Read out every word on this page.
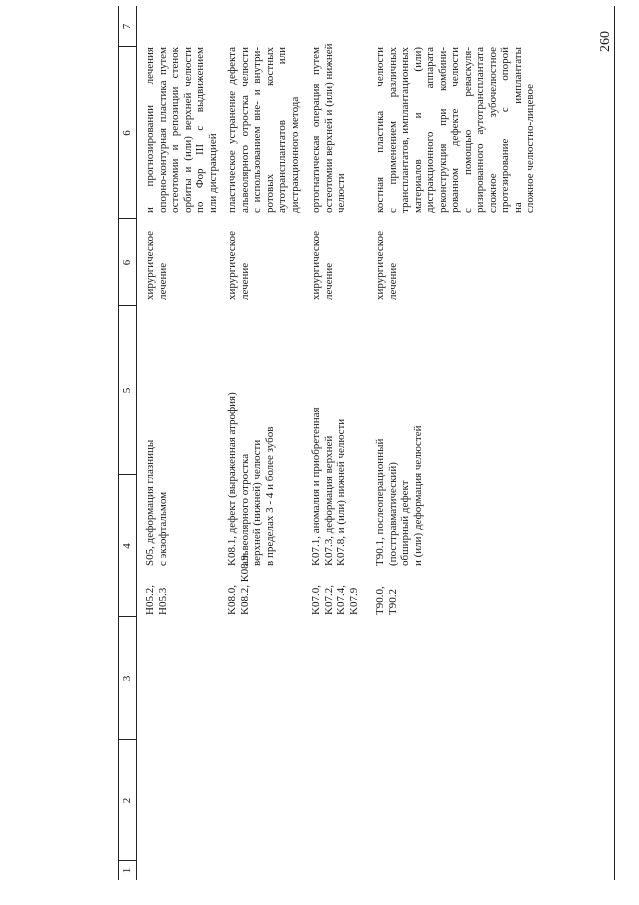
260
1
2
3
4
5
6
6
7
H05.2, H05.3
S05, деформация глазницы с экзофтальмом
хирургическое лечение
и прогнозировании лечения опорно-контурная пластика путем остеотомии и репозиции стенок орбиты и (или) верхней челюсти по Фор III с выдвижением или дистракцией
K08.0, K08.2, K08.9
K08.1, дефект (выраженная атрофия) альвеолярного отростка верхней (нижней) челюсти в пределах 3 - 4 и более зубов
хирургическое лечение
пластическое устранение дефекта альвеолярного отростка челюсти с использованием вне- и внутри- ротовых костных аутотрансплантатов или дистракционного метода
K07.0, K07.2, K07.4, K07.9
K07.1, аномалия и приобретенная K07.3, деформация верхней K07.8, и (или) нижней челюсти
хирургическое лечение
ортогнатическая операция путем остеотомии верхней и (или) нижней челюсти
T90.0, T90.2
T90.1, послеоперационный (посттравматический) обширный дефект и (или) деформация челюстей
хирургическое лечение
костная пластика челюсти с применением различных трансплантатов, имплантационных материалов и (или) дистракционного аппарата реконструкция при комбини- рованном дефекте челюсти с помощью реваскуля- ризированного аутотрансплантата сложное зубочелюстное протезирование с опорой на имплантаты сложное челюстно-лицевое
